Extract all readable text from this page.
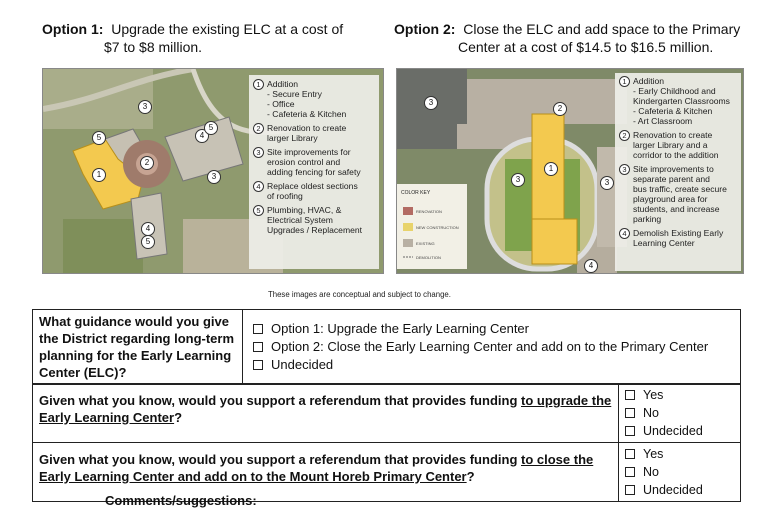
Option 1: Upgrade the existing ELC at a cost of
$7 to $8 million.
Option 2: Close the ELC and add space to the Primary
Center at a cost of $14.5 to $16.5 million.
3
5
1
2
4
5
3
4
5
1 Addition
- Secure Entry
- Office
- Cafeteria & Kitchen
2 Renovation to create
larger Library
3 Site improvements for
erosion control and
adding fencing for safety
4 Replace oldest sections
of roofing
5 Plumbing, HVAC, &
Electrical System
Upgrades / Replacement
COLOR KEY
RENOVATION
NEW CONSTRUCTION
EXISTING
DEMOLITION
3
2
1
3	3
4
1 Addition
- Early Childhood and
Kindergarten Classrooms
- Cafeteria & Kitchen
- Art Classroom
2 Renovation to create
larger Library and a
corridor to the addition
3 Site improvements to
separate parent and
bus traffic, create secure
playground area for
students, and increase
parking
4 Demolish Existing Early
Learning Center
These images are conceptual and subject to change.
What guidance would you give the District regarding long-term planning for the Early Learning Center (ELC)?

Option 1: Upgrade the Early Learning Center
Option 2: Close the Early Learning Center and add on to the Primary Center
Undecided
Given what you know, would you support a referendum that provides funding to upgrade the Early Learning Center?	Yes
No
Undecided

Given what you know, would you support a referendum that provides funding to close the Early Learning Center and add on to the Mount Horeb Primary Center?	Yes
No
Undecided
Comments/suggestions:
